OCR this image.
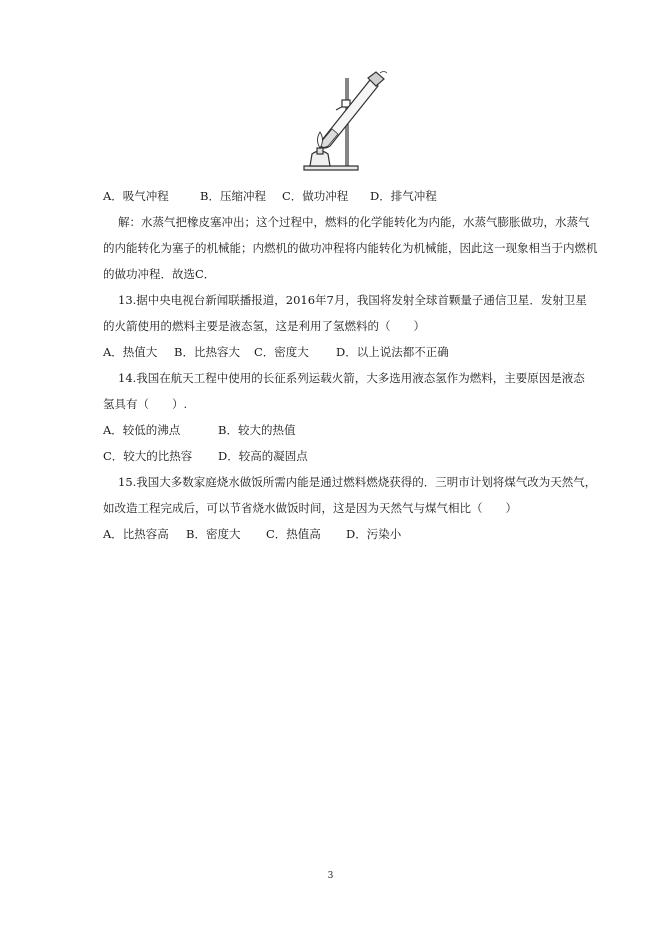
A．吸气冲程	B．压缩冲程 C．做功冲程 D．排气冲程
解：水蒸气把橡皮塞冲出；这个过程中，燃料的化学能转化为内能，水蒸气膨胀做功，水蒸气
的内能转化为塞子的机械能；内燃机的做功冲程将内能转化为机械能，因此这一现象相当于内燃机
的做功冲程．故选C．
13.据中央电视台新闻联播报道，2016年7月，我国将发射全球首颗量子通信卫星．发射卫星
的火箭使用的燃料主要是液态氢，这是利用了氢燃料的（　　）
A．热值大 B．比热容大 C．密度大 D．以上说法都不正确
14.我国在航天工程中使用的长征系列运载火箭，大多选用液态氢作为燃料，主要原因是液态
氢具有（　　）.
A．较低的沸点	B．较大的热值
C．较大的比热容 D．较高的凝固点
15.我国大多数家庭烧水做饭所需内能是通过燃料燃烧获得的．三明市计划将煤气改为天然气，
如改造工程完成后，可以节省烧水做饭时间，这是因为天然气与煤气相比（　　）
A．比热容高 B．密度大 C．热值高 D．污染小
3
